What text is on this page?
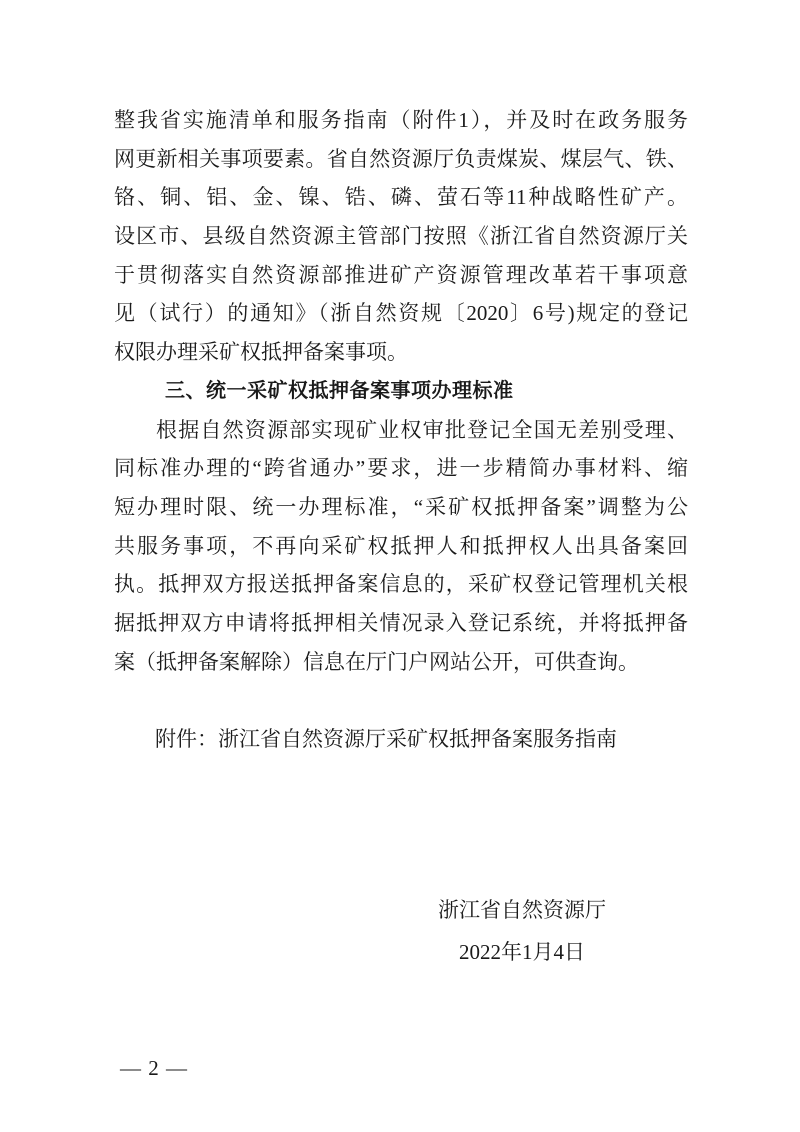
整我省实施清单和服务指南（附件1），并及时在政务服务
网更新相关事项要素。省自然资源厅负责煤炭、煤层气、铁、
铬、铜、铝、金、镍、锆、磷、萤石等11种战略性矿产。
设区市、县级自然资源主管部门按照《浙江省自然资源厅关
于贯彻落实自然资源部推进矿产资源管理改革若干事项意
见（试行）的通知》（浙自然资规〔2020〕6号)规定的登记
权限办理采矿权抵押备案事项。
三、统一采矿权抵押备案事项办理标准
根据自然资源部实现矿业权审批登记全国无差别受理、
同标准办理的“跨省通办”要求，进一步精简办事材料、缩
短办理时限、统一办理标准，“采矿权抵押备案”调整为公
共服务事项，不再向采矿权抵押人和抵押权人出具备案回
执。抵押双方报送抵押备案信息的，采矿权登记管理机关根
据抵押双方申请将抵押相关情况录入登记系统，并将抵押备
案（抵押备案解除）信息在厅门户网站公开，可供查询。
附件：浙江省自然资源厅采矿权抵押备案服务指南
浙江省自然资源厅
2022年1月4日
— 2 —
